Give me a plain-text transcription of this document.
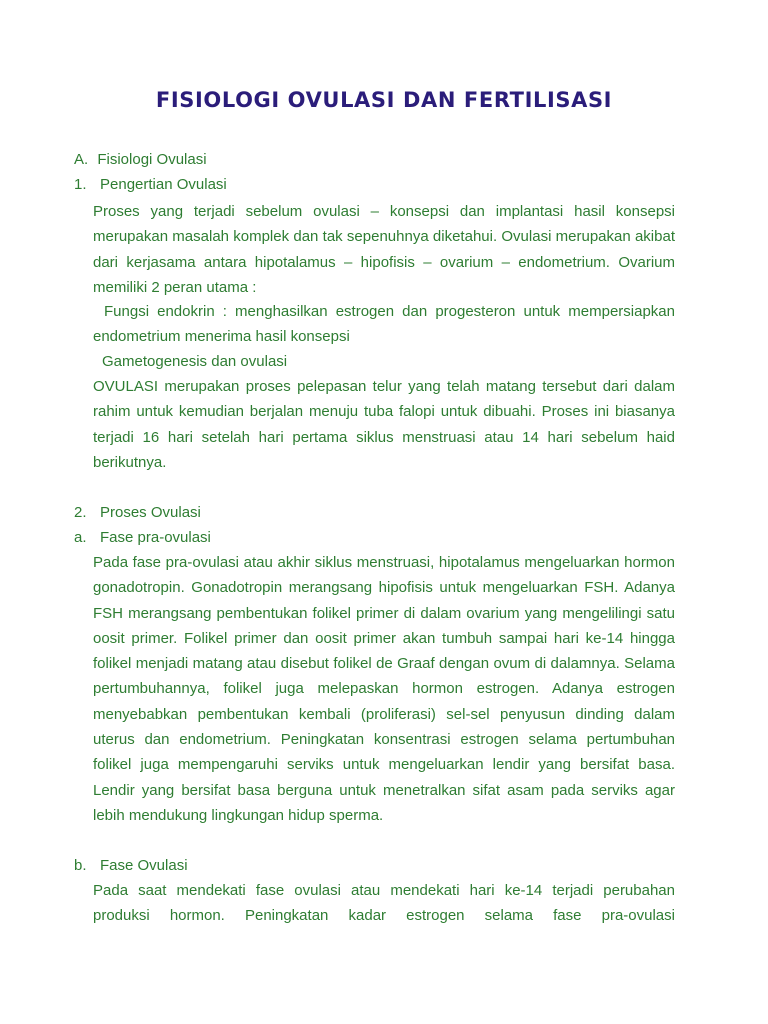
FISIOLOGI OVULASI DAN FERTILISASI
A. Fisiologi Ovulasi
1. Pengertian Ovulasi
Proses yang terjadi sebelum ovulasi – konsepsi dan implantasi hasil konsepsi merupakan masalah komplek dan tak sepenuhnya diketahui. Ovulasi merupakan akibat dari kerjasama antara hipotalamus – hipofisis – ovarium – endometrium. Ovarium memiliki 2 peran utama :
Fungsi endokrin : menghasilkan estrogen dan progesteron untuk mempersiapkan endometrium menerima hasil konsepsi
Gametogenesis dan ovulasi
OVULASI merupakan proses pelepasan telur yang telah matang tersebut dari dalam rahim untuk kemudian berjalan menuju tuba falopi untuk dibuahi. Proses ini biasanya terjadi 16 hari setelah hari pertama siklus menstruasi atau 14 hari sebelum haid berikutnya.
2. Proses Ovulasi
a. Fase pra-ovulasi
Pada fase pra-ovulasi atau akhir siklus menstruasi, hipotalamus mengeluarkan hormon gonadotropin. Gonadotropin merangsang hipofisis untuk mengeluarkan FSH. Adanya FSH merangsang pembentukan folikel primer di dalam ovarium yang mengelilingi satu oosit primer. Folikel primer dan oosit primer akan tumbuh sampai hari ke-14 hingga folikel menjadi matang atau disebut folikel de Graaf dengan ovum di dalamnya. Selama pertumbuhannya, folikel juga melepaskan hormon estrogen. Adanya estrogen menyebabkan pembentukan kembali (proliferasi) sel-sel penyusun dinding dalam uterus dan endometrium. Peningkatan konsentrasi estrogen selama pertumbuhan folikel juga mempengaruhi serviks untuk mengeluarkan lendir yang bersifat basa. Lendir yang bersifat basa berguna untuk menetralkan sifat asam pada serviks agar lebih mendukung lingkungan hidup sperma.
b. Fase Ovulasi
Pada saat mendekati fase ovulasi atau mendekati hari ke-14 terjadi perubahan produksi hormon. Peningkatan kadar estrogen selama fase pra-ovulasi
